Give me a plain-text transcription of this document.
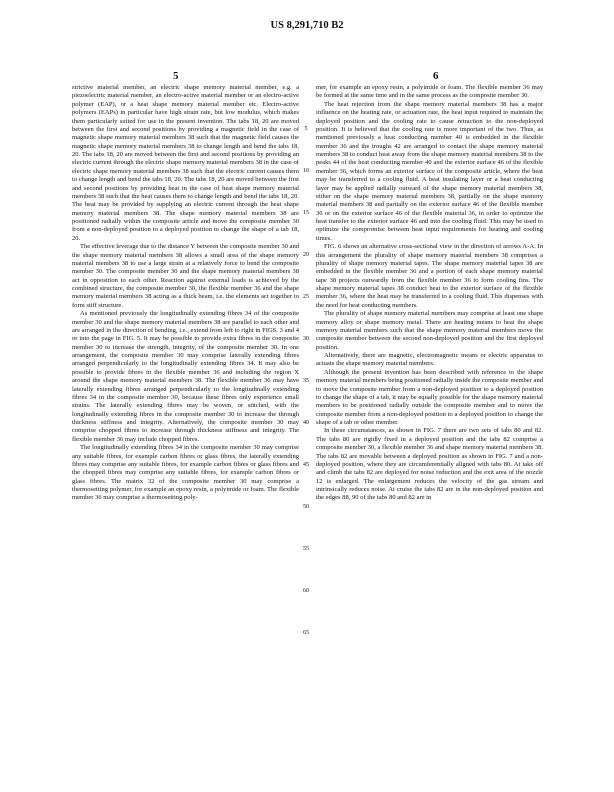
US 8,291,710 B2
5	6

strictive material member, an electric shape memory material member, e.g. a piezoelectric material member, an electro-active material member or an electro-active polymer (EAP), or a heat shape memory material member etc. Electro-active polymers (EAPs) in particular have high strain rate, but low modulus, which makes them particularly suited for use in the present invention. The tabs 18, 20 are moved between the first and second positions by providing a magnetic field in the case of magnetic shape memory material members 38 such that the magnetic field causes the magnetic shape memory material members 38 to change length and bend the tabs 18, 20. The tabs 18, 20 are moved between the first and second positions by providing an electric current through the electric shape memory material members 38 in the case of electric shape memory material members 38 such that the electric current causes them to change length and bend the tabs 18, 20. The tabs 18, 20 are moved between the first and second positions by providing heat in the case of heat shape memory material members 38 such that the heat causes them to change length and bend the tabs 18, 20. The heat may be provided by supplying an electric current through the heat shape memory material members 38. The shape memory material members 38 are positioned radially within the composite article and move the composite member 30 from a non-deployed position to a deployed position to change the shape of a tab 18, 20.

The effective leverage due to the distance Y between the composite member 30 and the shape memory material members 38 allows a small area of the shape memory material members 38 to use a large strain at a relatively force to bend the composite member 30. The composite member 30 and the shape memory material members 38 act in opposition to each other. Reaction against external loads is achieved by the combined structure, the composite member 30, the flexible member 36 and the shape memory material members 38 acting as a thick beam, i.e. the elements act together to form stiff structure.

As mentioned previously the longitudinally extending fibres 34 of the composite member 30 and the shape memory material members 38 are parallel to each other and are arranged in the direction of bending, i.e., extend from left to right in FIGS. 3 and 4 or into the page in FIG. 5. It may be possible to provide extra fibres in the composite member 30 to increase the strength, integrity, of the composite member 30. In one arrangement, the composite member 30 may comprise laterally extending fibres arranged perpendicularly to the longitudinally extending fibres 34. It may also be possible to provide fibres in the flexible member 36 and including the region X around the shape memory material members 38. The flexible member 36 may have laterally extending fibres arranged perpendicularly to the longitudinally extending fibres 34 in the composite member 30, because these fibres only experience small strains. The laterally extending fibres may be woven, or stitched, with the longitudinally extending fibres in the composite member 30 to increase the through thickness stiffness and integrity. Alternatively, the composite member 30 may comprise chopped fibres to increase through thickness stiffness and integrity. The flexible member 36 may include chopped fibres.

The longitudinally extending fibres 34 in the composite member 30 may comprise any suitable fibres, for example carbon fibres or glass fibres, the laterally extending fibres may comprise any suitable fibres, for example carbon fibres or glass fibres and the chopped fibres may comprise any suitable fibres, for example carbon fibres or glass fibres. The matrix 32 of the composite member 30 may comprise a thermosetting polymer, for example an epoxy resin, a polyimide or foam. The flexible member 36 may comprise a thermosetting poly-

mer, for example an epoxy resin, a polyimide or foam. The flexible member 36 may be formed at the same time and in the same process as the composite member 30.

The heat rejection from the shape memory material members 38 has a major influence on the heating rate, or actuation rate, the heat input required to maintain the deployed position and the cooling rate to cause retraction to the non-deployed position. It is believed that the cooling rate is more important of the two. Thus, as mentioned previously a heat conducting member 40 is embedded in the flexible member 36 and the troughs 42 are arranged to contact the shape memory material members 38 to conduct heat away from the shape memory material members 38 to the peaks 44 of the heat conducting member 40 and the exterior surface 46 of the flexible member 36, which forms an exterior surface of the composite article, where the heat may be transferred to a cooling fluid. A heat insulating layer or a heat conducting layer may be applied radially outward of the shape memory material members 38, either on the shape memory material members 38, partially on the shape memory material members 38 and partially on the exterior surface 46 of the flexible member 36 or on the exterior surface 46 of the flexible material 36, in order to optimize the heat transfer to the exterior surface 46 and into the cooling fluid. This may be used to optimize the compromise between heat input requirements for heating and cooling times.

FIG. 6 shows an alternative cross-sectional view in the direction of arrows A-A. In this arrangement the plurality of shape memory material members 38 comprises a plurality of shape memory material tapes. The shape memory material tapes 38 are embedded in the flexible member 36 and a portion of each shape memory material tape 38 projects outwardly from the flexible member 36 to form cooling fins. The shape memory material tapes 38 conduct heat to the exterior surface of the flexible member 36, where the heat may be transferred to a cooling fluid. This dispenses with the need for heat conducting members.

The plurality of shape memory material members may comprise at least one shape memory alloy or shape memory metal. There are heating means to heat the shape memory material members such that the shape memory material members move the composite member between the second non-deployed position and the first deployed position.

Alternatively, there are magnetic, electromagnetic means or electric apparatus to actuate the shape memory material members.

Although the present invention has been described with reference to the shape memory material members being positioned radially inside the composite member and to move the composite member from a non-deployed position to a deployed position to change the shape of a tab, it may be equally possible for the shape memory material members to be positioned radially outside the composite member and to move the composite member from a non-deployed position to a deployed position to change the shape of a tab or other member.

In these circumstances, as shown in FIG. 7 there are two sets of tabs 80 and 82. The tabs 80 are rigidly fixed in a deployed position and the tabs 82 comprise a composite member 30, a flexible member 36 and shape memory material members 38. The tabs 82 are movable between a deployed position as shown in FIG. 7 and a non-deployed position, where they are circumferentially aligned with tabs 80. At take off and climb the tabs 82 are deployed for noise reduction and the exit area of the nozzle 12 is enlarged. The enlargement reduces the velocity of the gas stream and intrinsically reduces noise. At cruise the tabs 82 are in the non-deployed position and the edges 88, 90 of the tabs 80 and 82 are in

5
10
15
20
25
30
35
40
45
50
55
60
65
